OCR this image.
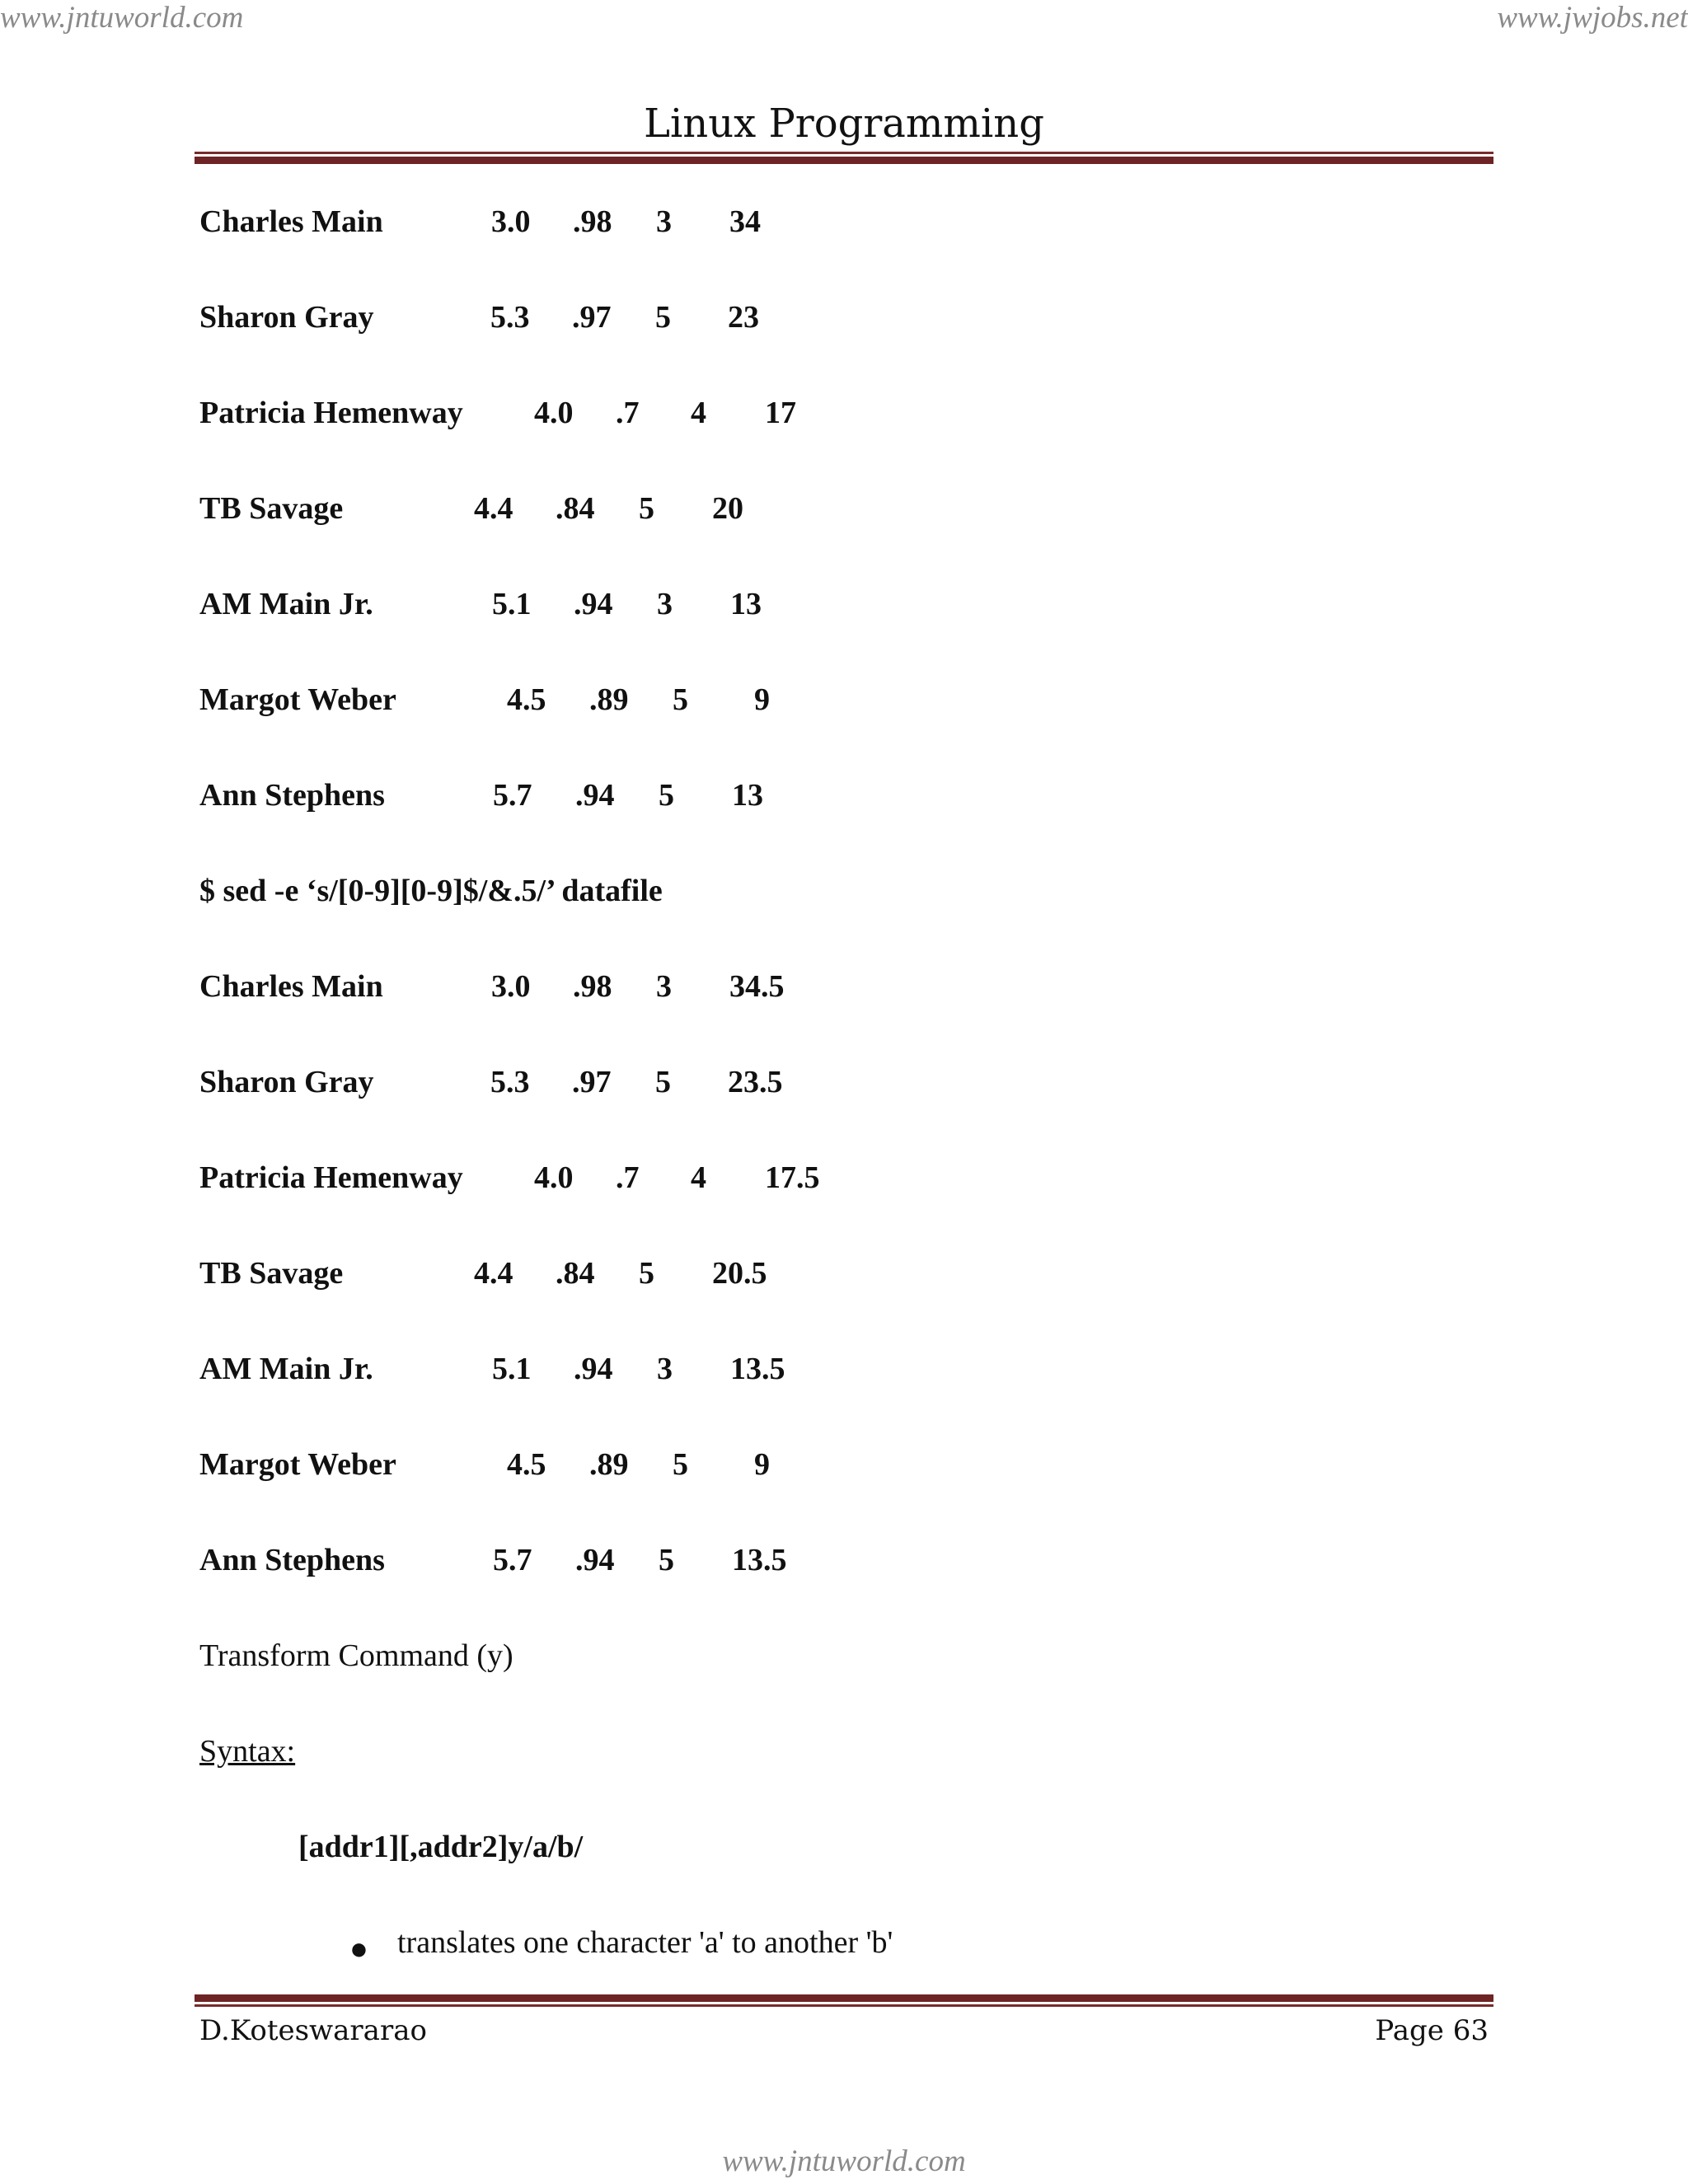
www.jntuworld.com	www.jwjobs.net
Linux Programming
Charles Main	3.0 .98 3 34
Sharon Gray	5.3 .97 5 23
Patricia Hemenway 4.0 .7 4 17
TB Savage	4.4 .84 5 20
AM Main Jr.	5.1 .94 3 13
Margot Weber	4.5 .89 5 9
Ann Stephens	5.7 .94 5 13
$ sed -e ‘s/[0-9][0-9]$/&.5/’ datafile
Charles Main	3.0 .98 3 34.5
Sharon Gray	5.3 .97 5 23.5
Patricia Hemenway 4.0 .7 4 17.5
TB Savage	4.4 .84 5 20.5
AM Main Jr.	5.1 .94 3 13.5
Margot Weber	4.5 .89 5 9
Ann Stephens	5.7 .94 5 13.5
Transform Command (y)
Syntax:
[addr1][,addr2]y/a/b/
● translates one character 'a' to another 'b'
D.Koteswararao	Page 63
www.jntuworld.com
